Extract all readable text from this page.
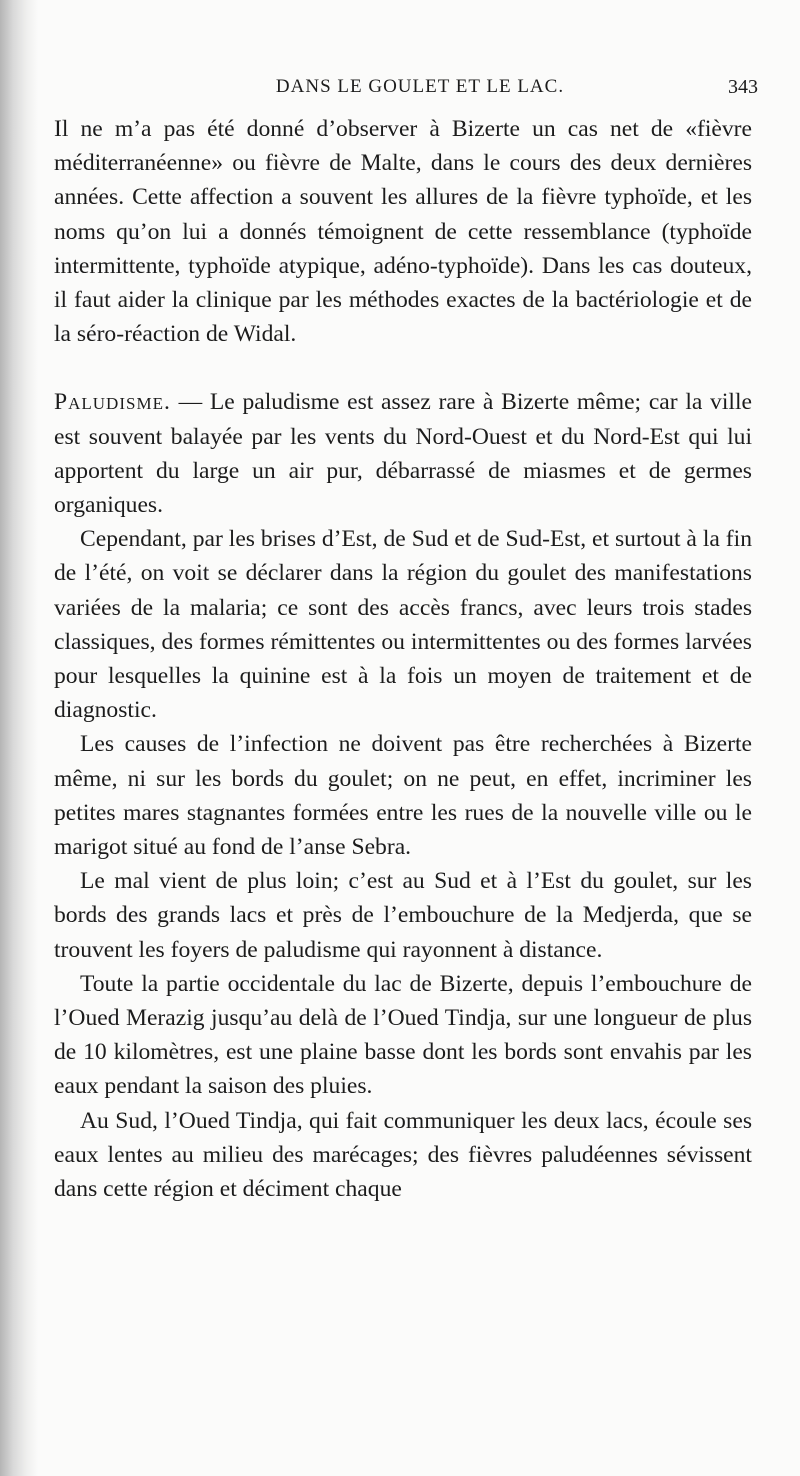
DANS LE GOULET ET LE LAC.	343

Il ne m’a pas été donné d’observer à Bizerte un cas net de «fièvre méditerranéenne» ou fièvre de Malte, dans le cours des deux dernières années. Cette affection a souvent les allures de la fièvre typhoïde, et les noms qu’on lui a donnés témoignent de cette ressemblance (typhoïde intermittente, typhoïde atypique, adéno-typhoïde). Dans les cas douteux, il faut aider la clinique par les méthodes exactes de la bactériologie et de la séro-réaction de Widal.

Paludisme. — Le paludisme est assez rare à Bizerte même; car la ville est souvent balayée par les vents du Nord-Ouest et du Nord-Est qui lui apportent du large un air pur, débarrassé de miasmes et de germes organiques.

Cependant, par les brises d’Est, de Sud et de Sud-Est, et surtout à la fin de l’été, on voit se déclarer dans la région du goulet des manifestations variées de la malaria; ce sont des accès francs, avec leurs trois stades classiques, des formes rémittentes ou intermittentes ou des formes larvées pour lesquelles la quinine est à la fois un moyen de traitement et de diagnostic.

Les causes de l’infection ne doivent pas être recherchées à Bizerte même, ni sur les bords du goulet; on ne peut, en effet, incriminer les petites mares stagnantes formées entre les rues de la nouvelle ville ou le marigot situé au fond de l’anse Sebra.

Le mal vient de plus loin; c’est au Sud et à l’Est du goulet, sur les bords des grands lacs et près de l’embouchure de la Medjerda, que se trouvent les foyers de paludisme qui rayonnent à distance.

Toute la partie occidentale du lac de Bizerte, depuis l’embouchure de l’Oued Merazig jusqu’au delà de l’Oued Tindja, sur une longueur de plus de 10 kilomètres, est une plaine basse dont les bords sont envahis par les eaux pendant la saison des pluies.

Au Sud, l’Oued Tindja, qui fait communiquer les deux lacs, écoule ses eaux lentes au milieu des marécages; des fièvres paludéennes sévissent dans cette région et déciment chaque
